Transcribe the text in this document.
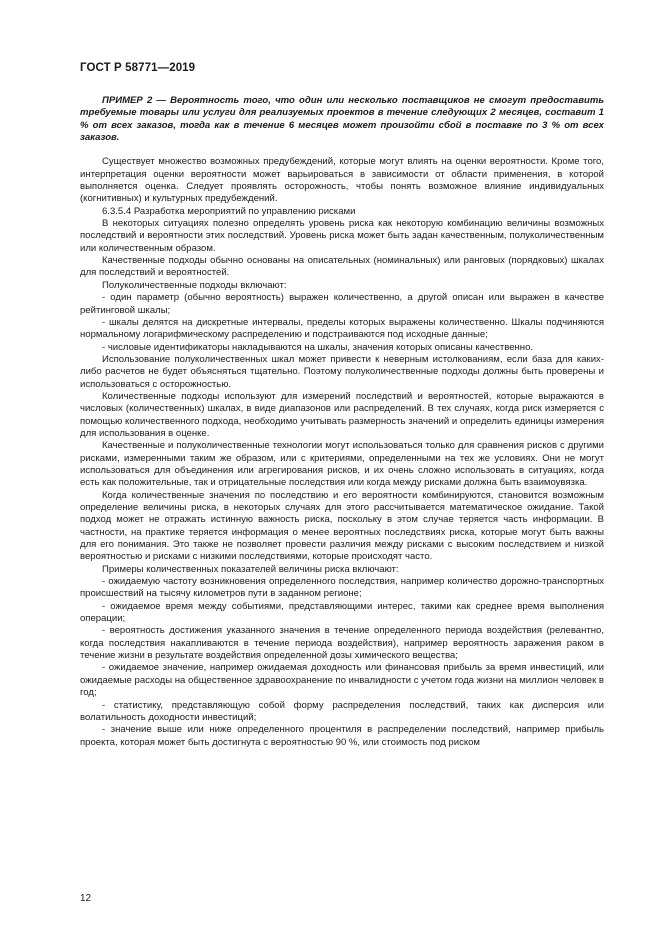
ГОСТ Р 58771—2019

ПРИМЕР 2 — Вероятность того, что один или несколько поставщиков не смогут предоставить требуемые товары или услуги для реализуемых проектов в течение следующих 2 месяцев, составит 1 % от всех заказов, тогда как в течение 6 месяцев может произойти сбой в поставке по 3 % от всех заказов.

Существует множество возможных предубеждений, которые могут влиять на оценки вероятности. Кроме того, интерпретация оценки вероятности может варьироваться в зависимости от области применения, в которой выполняется оценка. Следует проявлять осторожность, чтобы понять возможное влияние индивидуальных (когнитивных) и культурных предубеждений.

6.3.5.4 Разработка мероприятий по управлению рисками

В некоторых ситуациях полезно определять уровень риска как некоторую комбинацию величины возможных последствий и вероятности этих последствий. Уровень риска может быть задан качественным, полуколичественным или количественным образом.

Качественные подходы обычно основаны на описательных (номинальных) или ранговых (порядковых) шкалах для последствий и вероятностей.

Полуколичественные подходы включают:

- один параметр (обычно вероятность) выражен количественно, а другой описан или выражен в качестве рейтинговой шкалы;

- шкалы делятся на дискретные интервалы, пределы которых выражены количественно. Шкалы подчиняются нормальному логарифмическому распределению и подстраиваются под исходные данные;

- числовые идентификаторы накладываются на шкалы, значения которых описаны качественно.

Использование полуколичественных шкал может привести к неверным истолкованиям, если база для каких-либо расчетов не будет объясняться тщательно. Поэтому полуколичественные подходы должны быть проверены и использоваться с осторожностью.

Количественные подходы используют для измерений последствий и вероятностей, которые выражаются в числовых (количественных) шкалах, в виде диапазонов или распределений. В тех случаях, когда риск измеряется с помощью количественного подхода, необходимо учитывать размерность значений и определить единицы измерения для использования в оценке.

Качественные и полуколичественные технологии могут использоваться только для сравнения рисков с другими рисками, измеренными таким же образом, или с критериями, определенными на тех же условиях. Они не могут использоваться для объединения или агрегирования рисков, и их очень сложно использовать в ситуациях, когда есть как положительные, так и отрицательные последствия или когда между рисками должна быть взаимоувязка.

Когда количественные значения по последствию и его вероятности комбинируются, становится возможным определение величины риска, в некоторых случаях для этого рассчитывается математическое ожидание. Такой подход может не отражать истинную важность риска, поскольку в этом случае теряется часть информации. В частности, на практике теряется информация о менее вероятных последствиях риска, которые могут быть важны для его понимания. Это также не позволяет провести различия между рисками с высоким последствием и низкой вероятностью и рисками с низкими последствиями, которые происходят часто.

Примеры количественных показателей величины риска включают:

- ожидаемую частоту возникновения определенного последствия, например количество дорожно-транспортных происшествий на тысячу километров пути в заданном регионе;

- ожидаемое время между событиями, представляющими интерес, такими как среднее время выполнения операции;

- вероятность достижения указанного значения в течение определенного периода воздействия (релевантно, когда последствия накапливаются в течение периода воздействия), например вероятность заражения раком в течение жизни в результате воздействия определенной дозы химического вещества;

- ожидаемое значение, например ожидаемая доходность или финансовая прибыль за время инвестиций, или ожидаемые расходы на общественное здравоохранение по инвалидности с учетом года жизни на миллион человек в год;

- статистику, представляющую собой форму распределения последствий, таких как дисперсия или волатильность доходности инвестиций;

- значение выше или ниже определенного процентиля в распределении последствий, например прибыль проекта, которая может быть достигнута с вероятностью 90 %, или стоимость под риском

12
